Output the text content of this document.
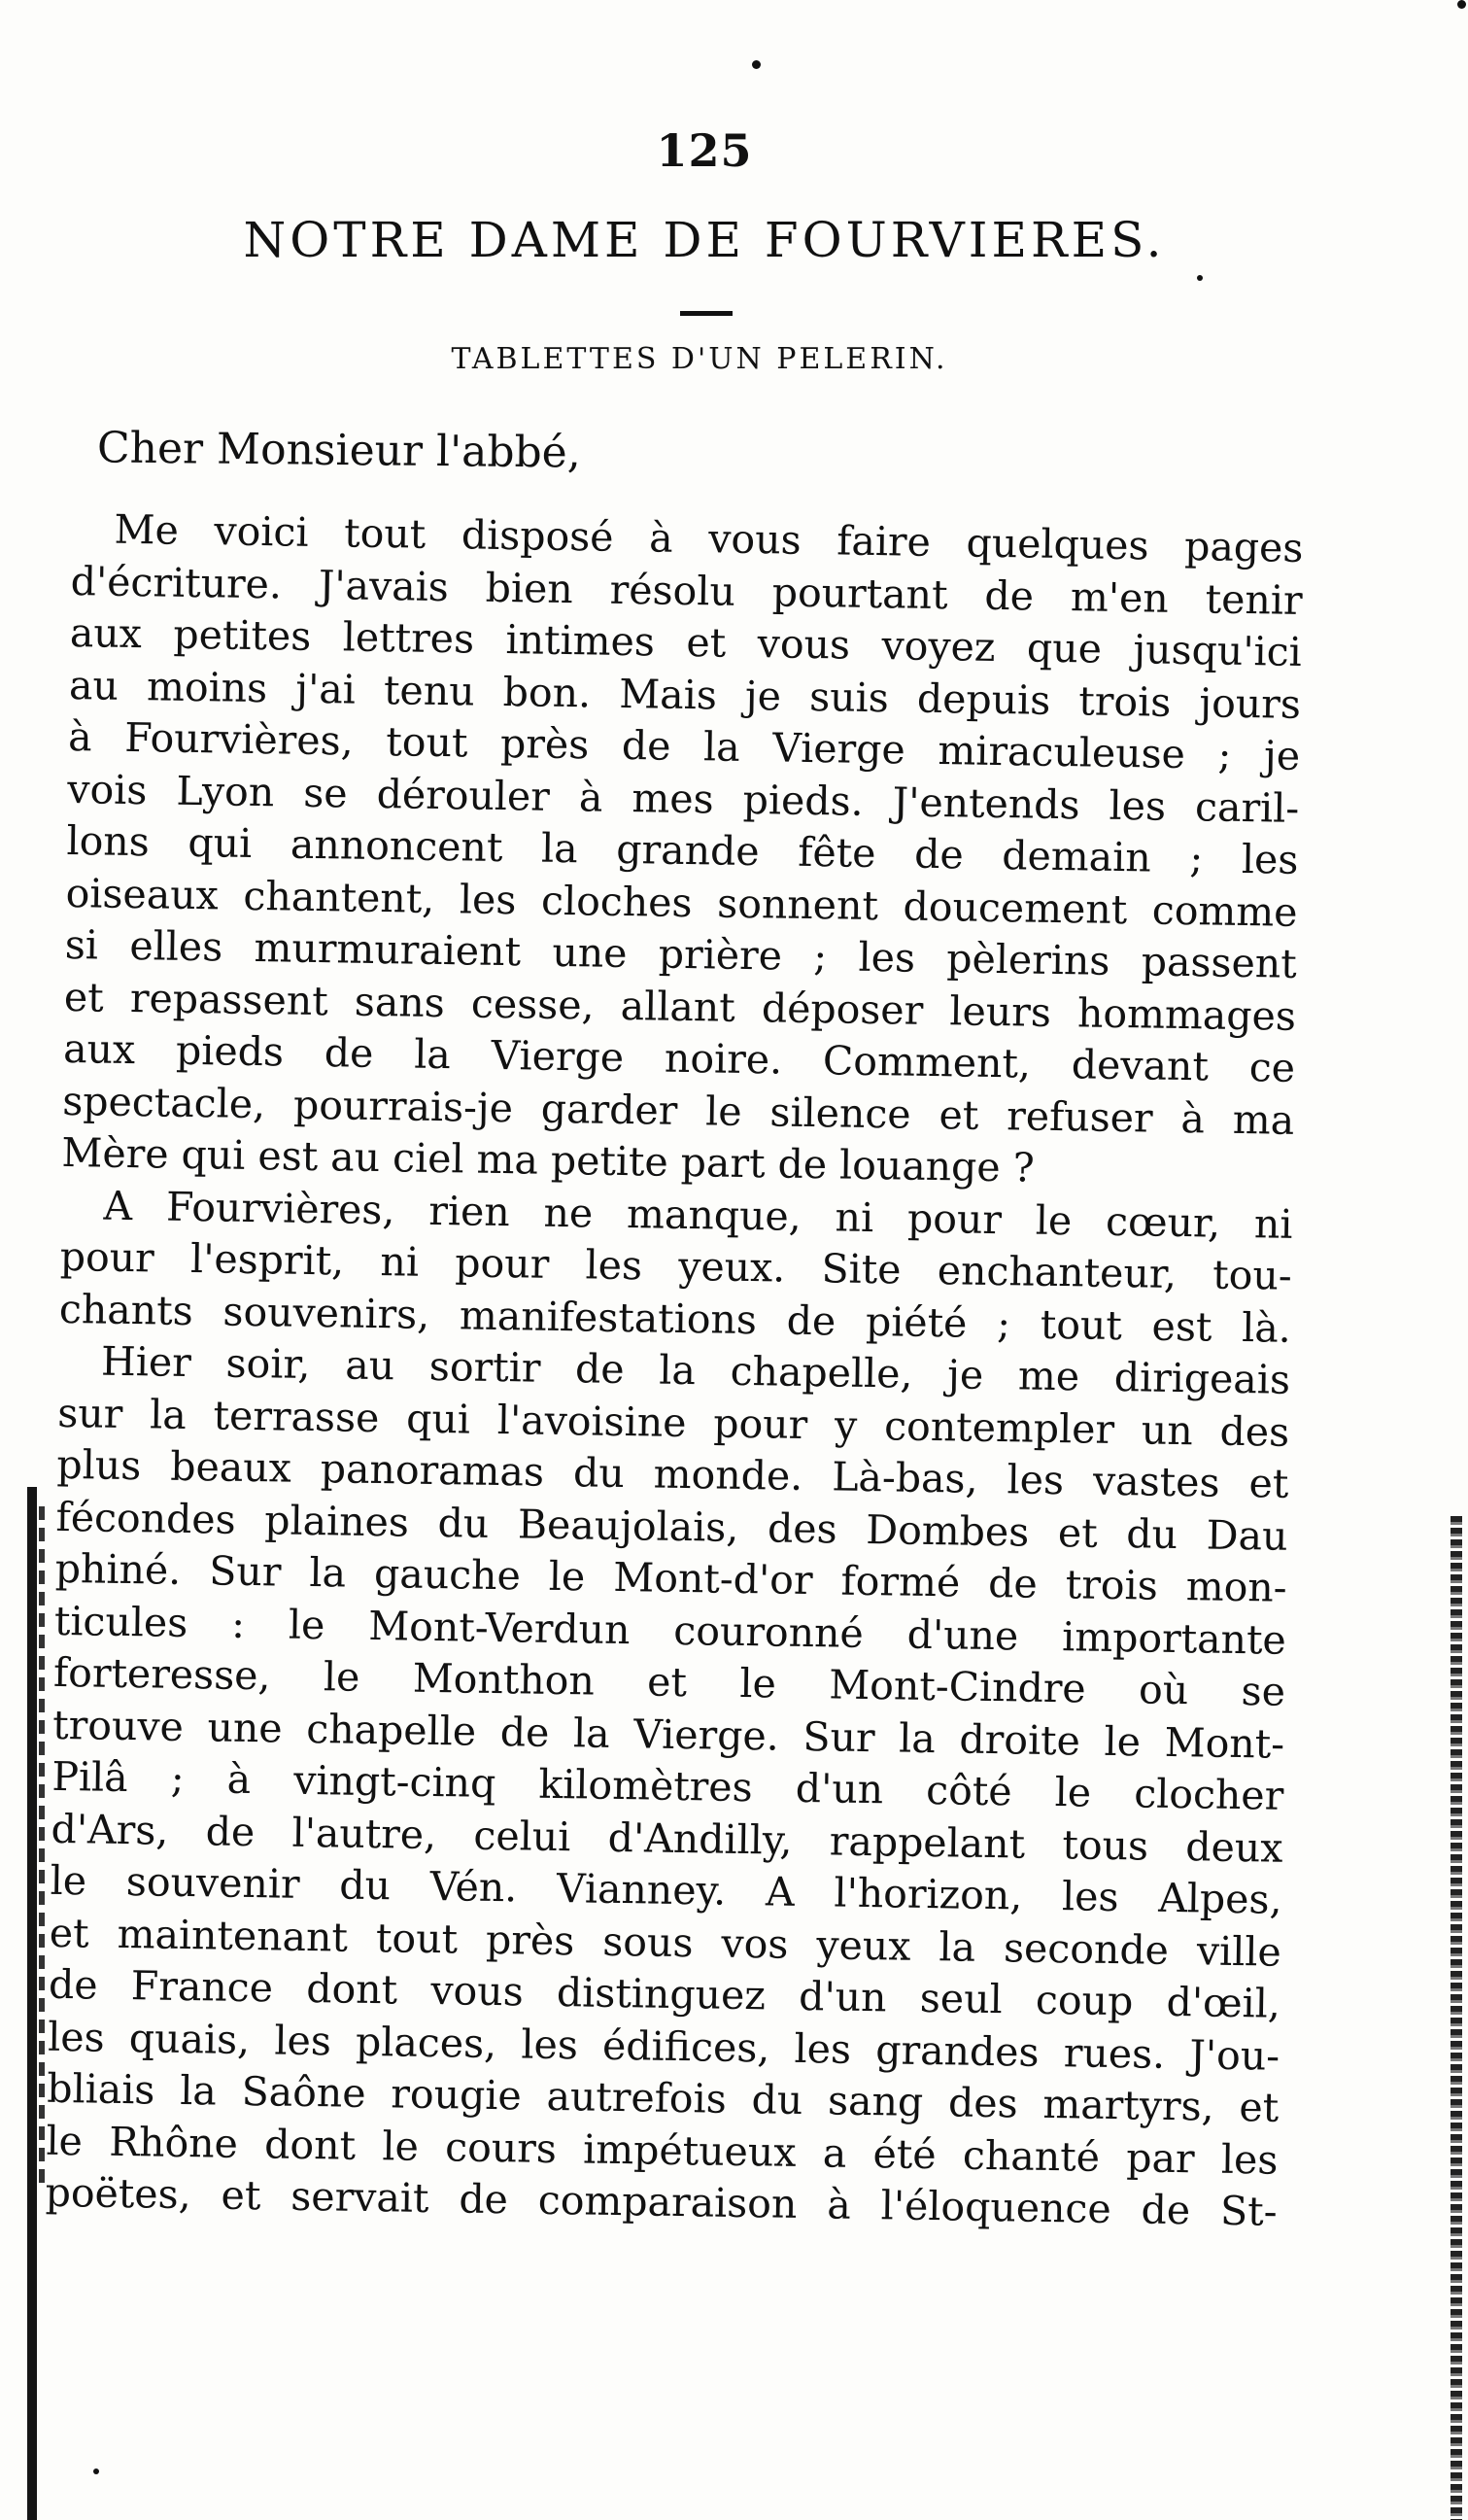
125
NOTRE DAME DE FOURVIERES.
TABLETTES D'UN PELERIN.
Cher Monsieur l'abbé,
Me voici tout disposé à vous faire quelques pages
d'écriture. J'avais bien résolu pourtant de m'en tenir
aux petites lettres intimes et vous voyez que jusqu'ici
au moins j'ai tenu bon. Mais je suis depuis trois jours
à Fourvières, tout près de la Vierge miraculeuse ; je
vois Lyon se dérouler à mes pieds. J'entends les caril-
lons qui annoncent la grande fête de demain ; les
oiseaux chantent, les cloches sonnent doucement comme
si elles murmuraient une prière ; les pèlerins passent
et repassent sans cesse, allant déposer leurs hommages
aux pieds de la Vierge noire. Comment, devant ce
spectacle, pourrais-je garder le silence et refuser à ma
Mère qui est au ciel ma petite part de louange ?
A Fourvières, rien ne manque, ni pour le cœur, ni
pour l'esprit, ni pour les yeux. Site enchanteur, tou-
chants souvenirs, manifestations de piété ; tout est là.
Hier soir, au sortir de la chapelle, je me dirigeais
sur la terrasse qui l'avoisine pour y contempler un des
plus beaux panoramas du monde. Là-bas, les vastes et
fécondes plaines du Beaujolais, des Dombes et du Dau
phiné. Sur la gauche le Mont-d'or formé de trois mon-
ticules : le Mont-Verdun couronné d'une importante
forteresse, le Monthon et le Mont-Cindre où se
trouve une chapelle de la Vierge. Sur la droite le Mont-
Pilâ ; à vingt-cinq kilomètres d'un côté le clocher
d'Ars, de l'autre, celui d'Andilly, rappelant tous deux
le souvenir du Vén. Vianney. A l'horizon, les Alpes,
et maintenant tout près sous vos yeux la seconde ville
de France dont vous distinguez d'un seul coup d'œil,
les quais, les places, les édifices, les grandes rues. J'ou-
bliais la Saône rougie autrefois du sang des martyrs, et
le Rhône dont le cours impétueux a été chanté par les
poëtes, et servait de comparaison à l'éloquence de St-
